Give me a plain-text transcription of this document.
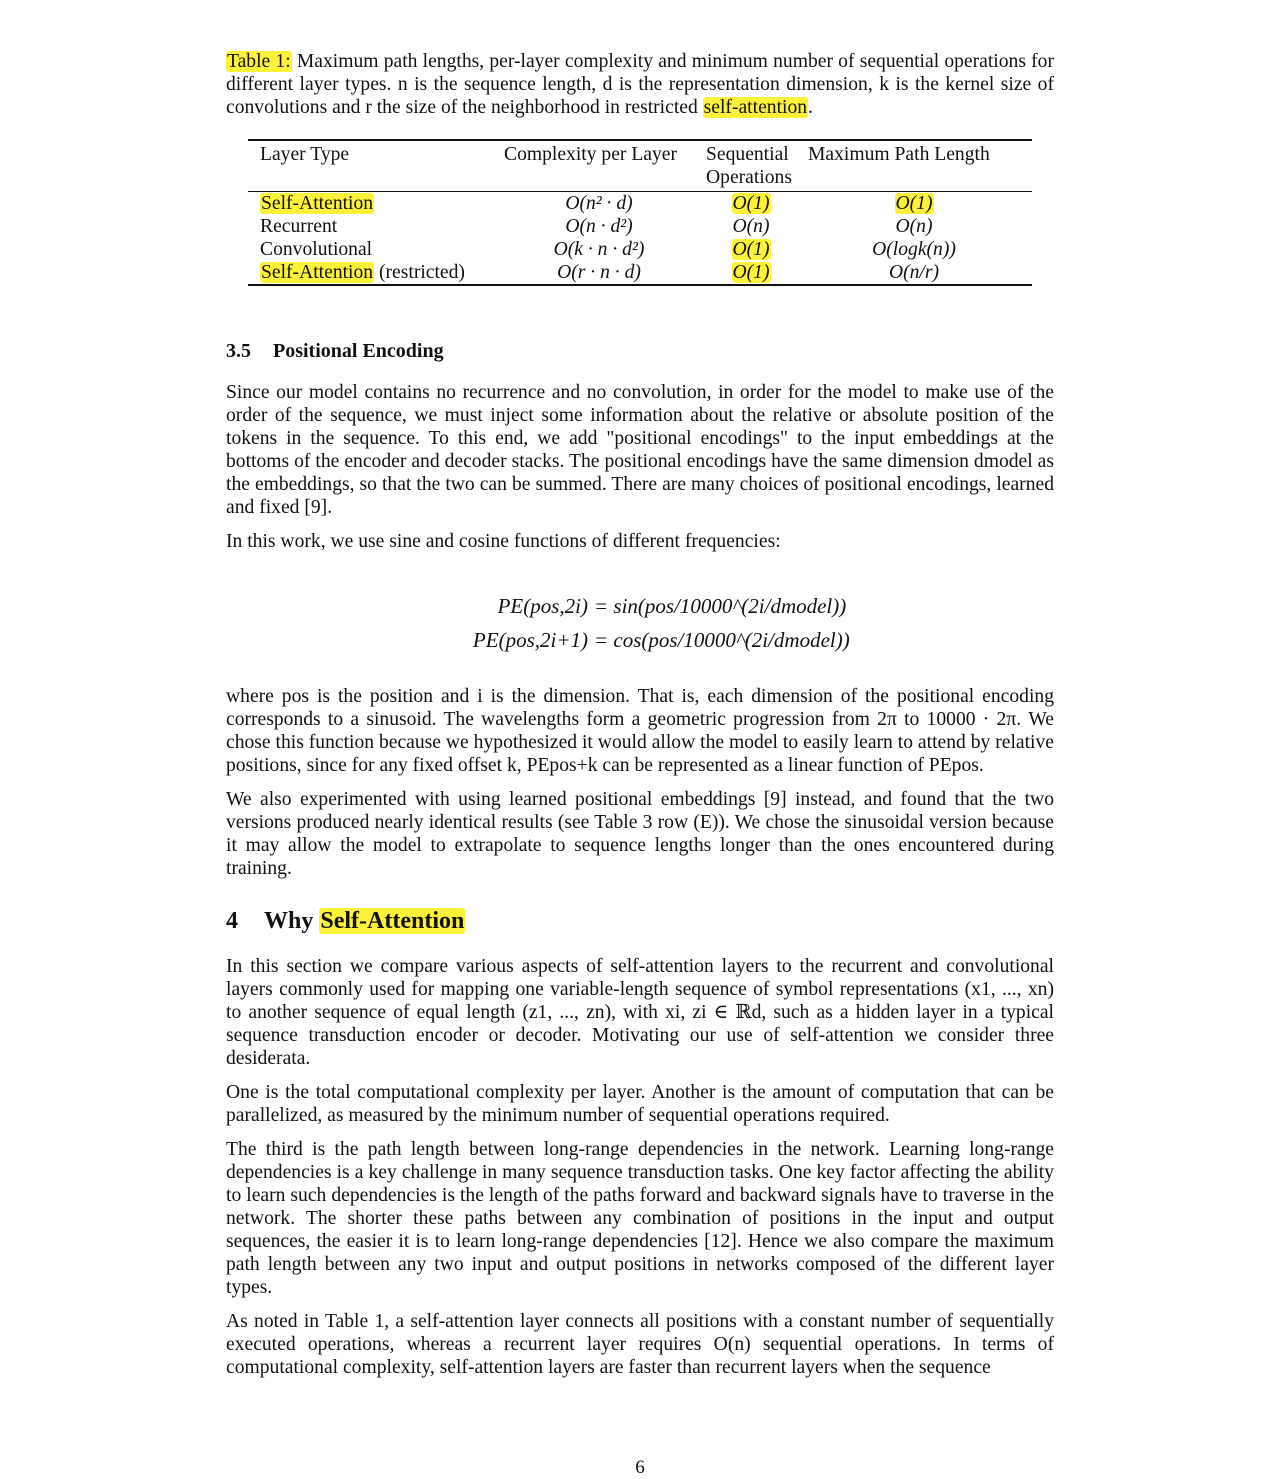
Table 1: Maximum path lengths, per-layer complexity and minimum number of sequential operations for different layer types. n is the sequence length, d is the representation dimension, k is the kernel size of convolutions and r the size of the neighborhood in restricted self-attention.

Layer Type	Complexity per Layer	Sequential Operations	Maximum Path Length
Self-Attention	O(n² · d)	O(1)	O(1)
Recurrent	O(n · d²)	O(n)	O(n)
Convolutional	O(k · n · d²)	O(1)	O(logk(n))
Self-Attention (restricted)	O(r · n · d)	O(1)	O(n/r)
3.5 Positional Encoding

Since our model contains no recurrence and no convolution, in order for the model to make use of the order of the sequence, we must inject some information about the relative or absolute position of the tokens in the sequence. To this end, we add "positional encodings" to the input embeddings at the bottoms of the encoder and decoder stacks. The positional encodings have the same dimension dmodel as the embeddings, so that the two can be summed. There are many choices of positional encodings, learned and fixed [9].

In this work, we use sine and cosine functions of different frequencies:

PE(pos,2i) = sin(pos/10000^(2i/dmodel))
PE(pos,2i+1) = cos(pos/10000^(2i/dmodel))

where pos is the position and i is the dimension. That is, each dimension of the positional encoding corresponds to a sinusoid. The wavelengths form a geometric progression from 2π to 10000 · 2π. We chose this function because we hypothesized it would allow the model to easily learn to attend by relative positions, since for any fixed offset k, PEpos+k can be represented as a linear function of PEpos.

We also experimented with using learned positional embeddings [9] instead, and found that the two versions produced nearly identical results (see Table 3 row (E)). We chose the sinusoidal version because it may allow the model to extrapolate to sequence lengths longer than the ones encountered during training.

4 Why Self-Attention

In this section we compare various aspects of self-attention layers to the recurrent and convolutional layers commonly used for mapping one variable-length sequence of symbol representations (x1, ..., xn) to another sequence of equal length (z1, ..., zn), with xi, zi ∈ ℝd, such as a hidden layer in a typical sequence transduction encoder or decoder. Motivating our use of self-attention we consider three desiderata.

One is the total computational complexity per layer. Another is the amount of computation that can be parallelized, as measured by the minimum number of sequential operations required.

The third is the path length between long-range dependencies in the network. Learning long-range dependencies is a key challenge in many sequence transduction tasks. One key factor affecting the ability to learn such dependencies is the length of the paths forward and backward signals have to traverse in the network. The shorter these paths between any combination of positions in the input and output sequences, the easier it is to learn long-range dependencies [12]. Hence we also compare the maximum path length between any two input and output positions in networks composed of the different layer types.

As noted in Table 1, a self-attention layer connects all positions with a constant number of sequentially executed operations, whereas a recurrent layer requires O(n) sequential operations. In terms of computational complexity, self-attention layers are faster than recurrent layers when the sequence

6
